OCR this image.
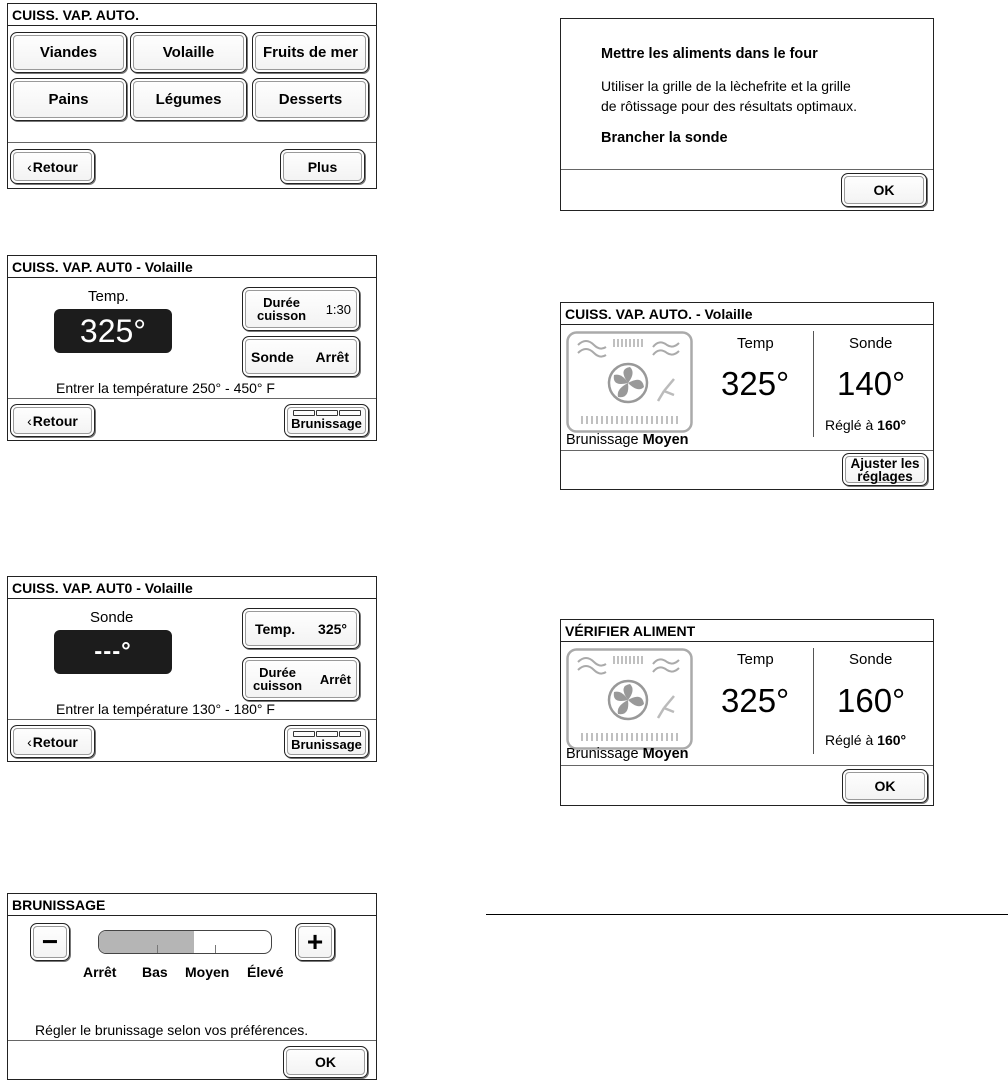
CUISS. VAP. AUTO.
Viandes	Volaille	Fruits de mer
Pains	Légumes	Desserts
‹ Retour	Plus
CUISS. VAP. AUT0 - Volaille
Temp.
325°
Durée
cuisson 1:30
Sonde Arrêt
Entrer la température 250° - 450° F
‹ Retour	Brunissage
CUISS. VAP. AUT0 - Volaille
Sonde
---°
Temp. 325°
Durée
cuisson Arrêt
Entrer la température 130° - 180° F
‹ Retour	Brunissage
BRUNISSAGE
−	+
Arrêt Bas Moyen Élevé
Régler le brunissage selon vos préférences.
OK
Mettre les aliments dans le four
Utiliser la grille de la lèchefrite et la grille
de rôtissage pour des résultats optimaux.
Brancher la sonde
OK
CUISS. VAP. AUTO. - Volaille
Brunissage Moyen
Temp
325°
Sonde
140°
Réglé à 160°
Ajuster les
réglages
VÉRIFIER ALIMENT
Brunissage Moyen
Temp
325°
Sonde
160°
Réglé à 160°
OK
